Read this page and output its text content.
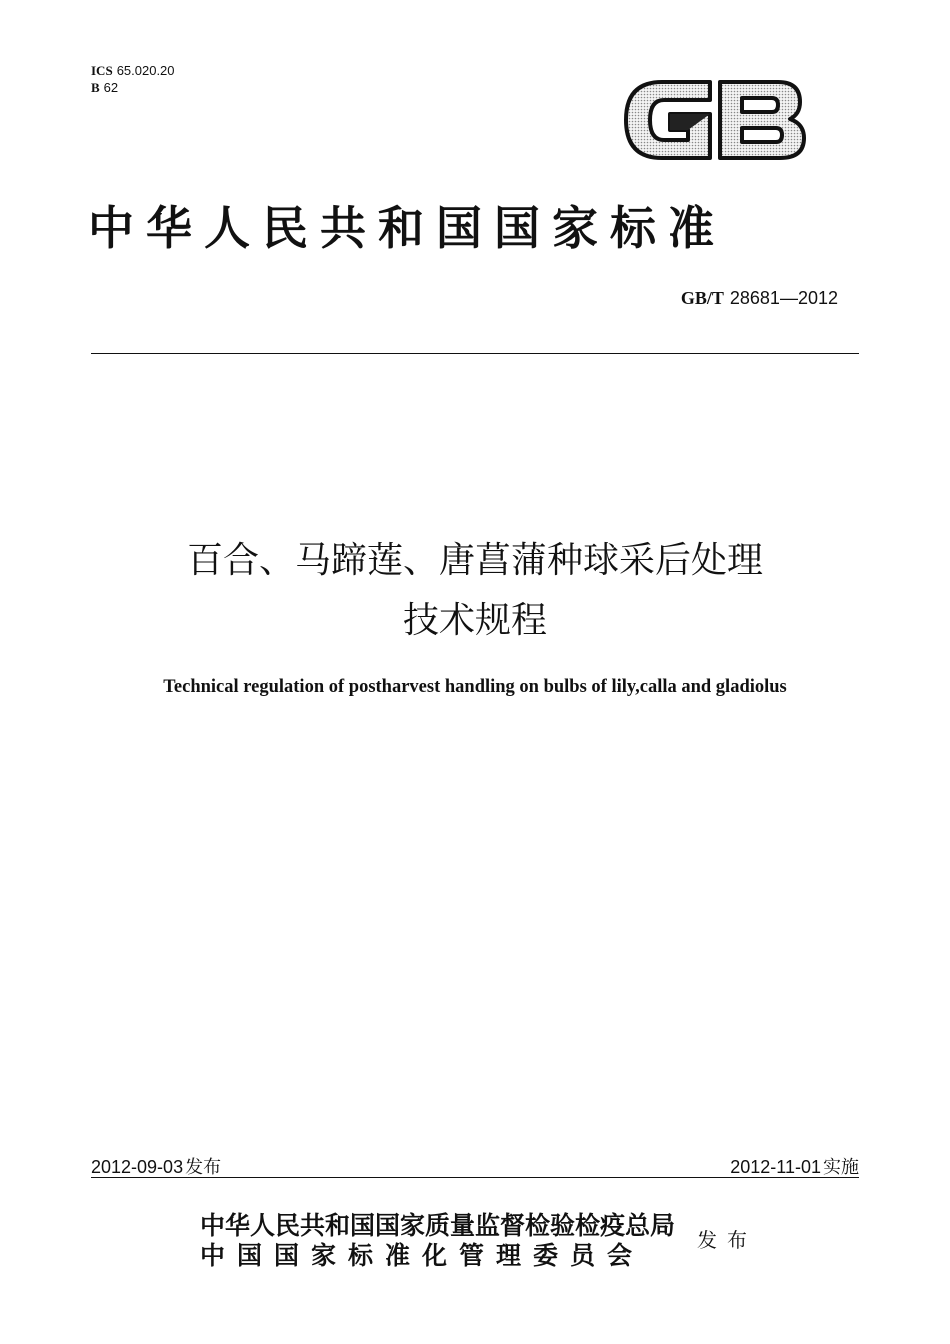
ICS 65.020.20
B 62
GB
中华人民共和国国家标准
GB/T 28681—2012
百合、马蹄莲、唐菖蒲种球采后处理
技术规程
Technical regulation of postharvest handling on bulbs of lily,calla and gladiolus
2012-09-03 发布	2012-11-01 实施
中华人民共和国国家质量监督检验检疫总局
中国国家标准化管理委员会
发布
